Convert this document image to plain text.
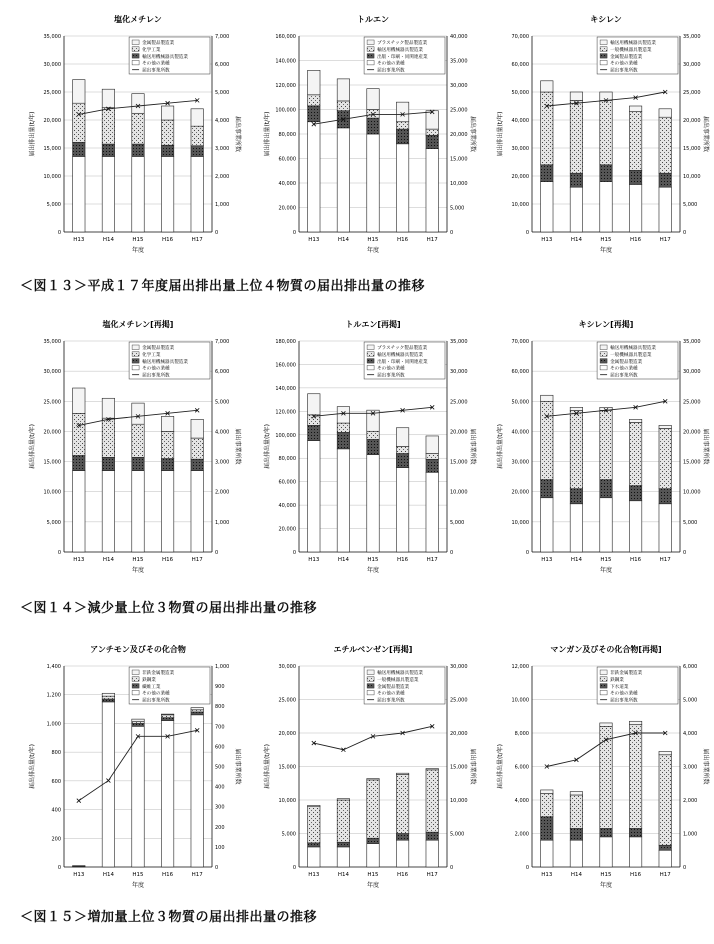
塩化メチレン
0
5,000
10,000
15,000
20,000
25,000
30,000
35,000
0
1,000
2,000
3,000
4,000
5,000
6,000
7,000
届出排出量(t/年)	届出事業所数
年度
H13	H14	H15	H16	H17
金属製品製造業
化学工業
輸送用機械器具製造業
その他の業種
届出事業所数
トルエン
0
20,000
40,000
60,000
80,000
100,000
120,000
140,000
160,000
0
5,000
10,000
15,000
20,000
25,000
30,000
35,000
40,000
届出排出量(t/年)	届出事業所数
年度
H13	H14	H15	H16	H17
プラスチック製品製造業
輸送用機械器具製造業
出版・印刷・同関連産業
その他の業種
届出事業所数
キシレン
0
10,000
20,000
30,000
40,000
50,000
60,000
70,000
0
5,000
10,000
15,000
20,000
25,000
30,000
35,000
届出排出量(t/年)	届出事業所数
年度
H13	H14	H15	H16	H17
輸送用機械器具製造業
一般機械器具製造業
金属製品製造業
その他の業種
届出事業所数
＜図１３＞平成１７年度届出排出量上位４物質の届出排出量の推移
塩化メチレン[再掲]
0
5,000
10,000
15,000
20,000
25,000
30,000
35,000
0
1,000
2,000
3,000
4,000
5,000
6,000
7,000
届出排出量(t/年)	届出事業所数
年度
H13	H14	H15	H16	H17
金属製品製造業
化学工業
輸送用機械器具製造業
その他の業種
届出事業所数
トルエン[再掲]
0
20,000
40,000
60,000
80,000
100,000
120,000
140,000
160,000
180,000
0
5,000
10,000
15,000
20,000
25,000
30,000
35,000
届出排出量(t/年)	届出事業所数
年度
H13	H14	H15	H16	H17
プラスチック製品製造業
輸送用機械器具製造業
出版・印刷・同関連産業
その他の業種
届出事業所数
キシレン[再掲]
0
10,000
20,000
30,000
40,000
50,000
60,000
70,000
0
5,000
10,000
15,000
20,000
25,000
30,000
35,000
届出排出量(t/年)	届出事業所数
年度
H13	H14	H15	H16	H17
輸送用機械器具製造業
一般機械器具製造業
金属製品製造業
その他の業種
届出事業所数
＜図１４＞減少量上位３物質の届出排出量の推移
アンチモン及びその化合物
0
200
400
600
800
1,000
1,200
1,400
0
100
200
300
400
500
600
700
800
900
1,000
届出排出量(t/年)	届出事業所数
年度
H13	H14	H15	H16	H17
非鉄金属製造業
鉄鋼業
繊維工業
その他の業種
届出事業所数
エチルベンゼン[再掲]
0
5,000
10,000
15,000
20,000
25,000
30,000
0
5,000
10,000
15,000
20,000
25,000
30,000
届出排出量(t/年)	届出事業所数
年度
H13	H14	H15	H16	H17
輸送用機械器具製造業
一般機械器具製造業
金属製品製造業
その他の業種
届出事業所数
マンガン及びその化合物[再掲]
0
2,000
4,000
6,000
8,000
10,000
12,000
0
1,000
2,000
3,000
4,000
5,000
6,000
届出排出量(t/年)	届出事業所数
年度
H13	H14	H15	H16	H17
非鉄金属製造業
鉄鋼業
下水道業
その他の業種
届出事業所数
＜図１５＞増加量上位３物質の届出排出量の推移
